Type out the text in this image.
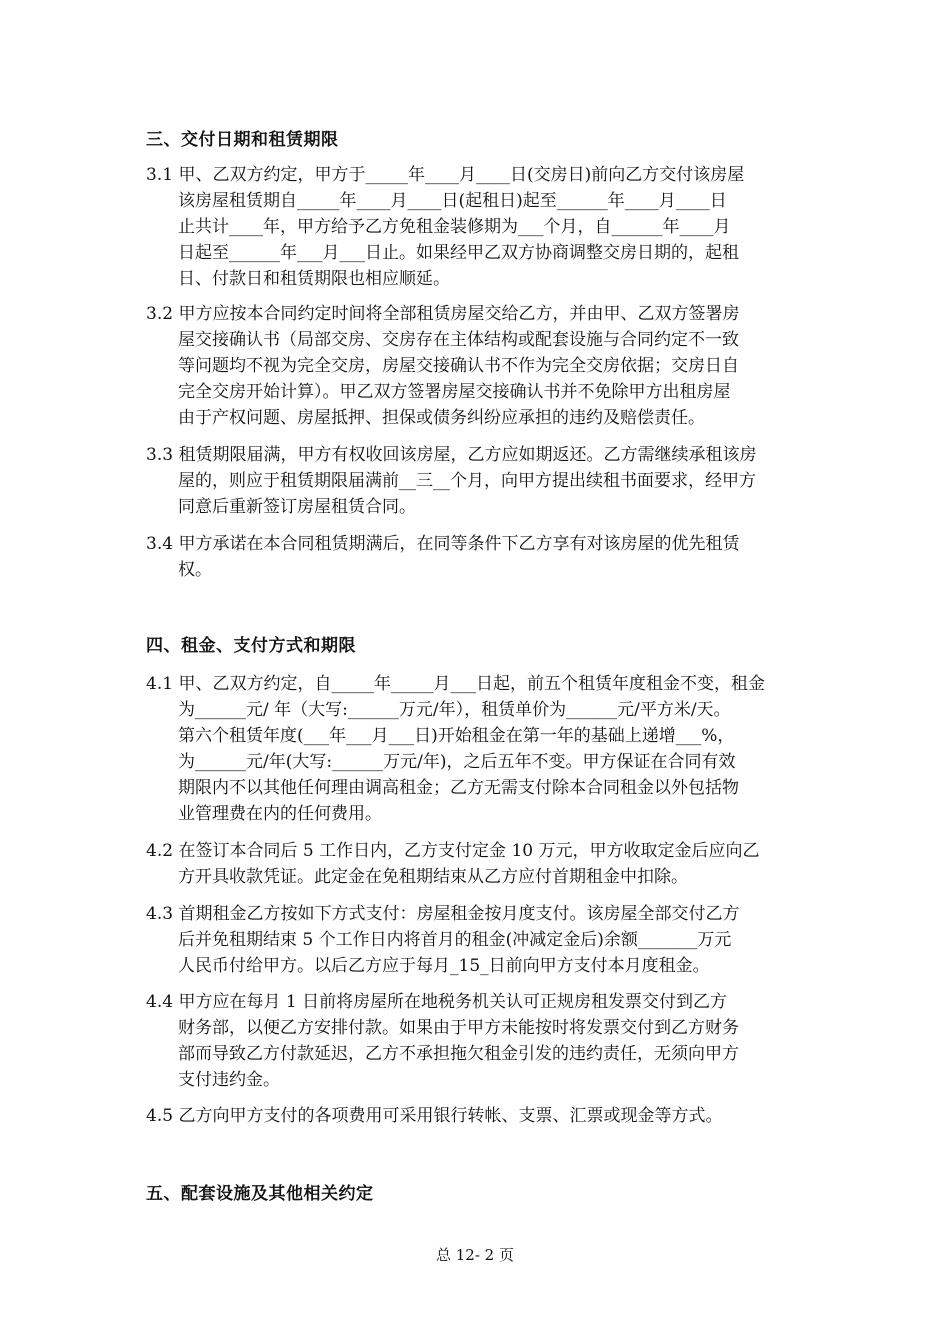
三、交付日期和租赁期限
3.1 甲、乙双方约定，甲方于_____年____月____日(交房日)前向乙方交付该房屋
该房屋租赁期自_____年____月____日(起租日)起至______年____月____日
止共计____年，甲方给予乙方免租金装修期为___个月，自______年____月
日起至______年___月___日止。如果经甲乙双方协商调整交房日期的，起租
日、付款日和租赁期限也相应顺延。
3.2 甲方应按本合同约定时间将全部租赁房屋交给乙方，并由甲、乙双方签署房
屋交接确认书（局部交房、交房存在主体结构或配套设施与合同约定不一致
等问题均不视为完全交房，房屋交接确认书不作为完全交房依据；交房日自
完全交房开始计算）。甲乙双方签署房屋交接确认书并不免除甲方出租房屋
由于产权问题、房屋抵押、担保或债务纠纷应承担的违约及赔偿责任。
3.3 租赁期限届满，甲方有权收回该房屋，乙方应如期返还。乙方需继续承租该房
屋的，则应于租赁期限届满前__三__个月，向甲方提出续租书面要求，经甲方
同意后重新签订房屋租赁合同。
3.4 甲方承诺在本合同租赁期满后，在同等条件下乙方享有对该房屋的优先租赁
权。
四、租金、支付方式和期限
4.1 甲、乙双方约定，自_____年_____月___日起，前五个租赁年度租金不变，租金
为______元/ 年（大写:______万元/年），租赁单价为______元/平方米/天。
第六个租赁年度(___年___月___日)开始租金在第一年的基础上递增___%，
为______元/年(大写:______万元/年)，之后五年不变。甲方保证在合同有效
期限内不以其他任何理由调高租金；乙方无需支付除本合同租金以外包括物
业管理费在内的任何费用。
4.2 在签订本合同后 5 工作日内，乙方支付定金 10 万元，甲方收取定金后应向乙
方开具收款凭证。此定金在免租期结束从乙方应付首期租金中扣除。
4.3 首期租金乙方按如下方式支付：房屋租金按月度支付。该房屋全部交付乙方
后并免租期结束 5 个工作日内将首月的租金(冲减定金后)余额_______万元
人民币付给甲方。以后乙方应于每月_15_日前向甲方支付本月度租金。
4.4 甲方应在每月 1 日前将房屋所在地税务机关认可正规房租发票交付到乙方
财务部，以便乙方安排付款。如果由于甲方未能按时将发票交付到乙方财务
部而导致乙方付款延迟，乙方不承担拖欠租金引发的违约责任，无须向甲方
支付违约金。
4.5 乙方向甲方支付的各项费用可采用银行转帐、支票、汇票或现金等方式。
五、配套设施及其他相关约定
总 12- 2 页
